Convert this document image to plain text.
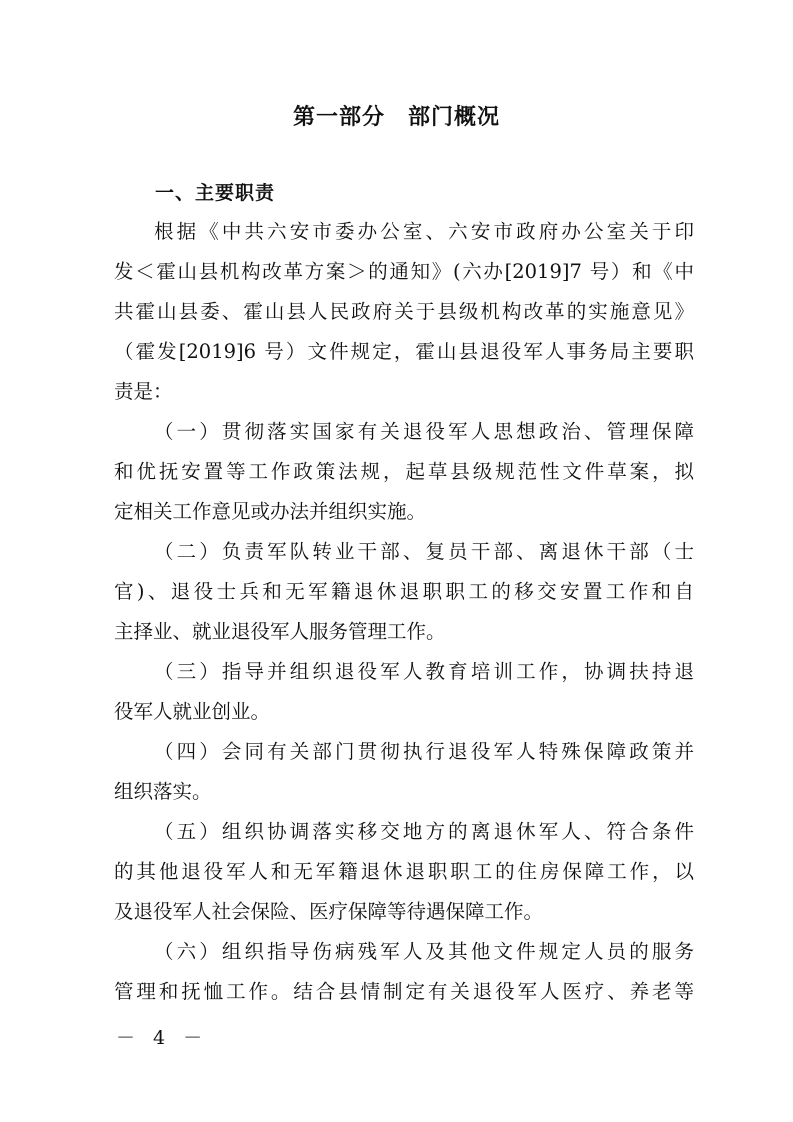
第一部分　部门概况
一、主要职责
根据《中共六安市委办公室、六安市政府办公室关于印
发＜霍山县机构改革方案＞的通知》(六办[2019]7 号）和《中
共霍山县委、霍山县人民政府关于县级机构改革的实施意见》
（霍发[2019]6 号）文件规定，霍山县退役军人事务局主要职
责是：
（一）贯彻落实国家有关退役军人思想政治、管理保障
和优抚安置等工作政策法规，起草县级规范性文件草案，拟
定相关工作意见或办法并组织实施。
（二）负责军队转业干部、复员干部、离退休干部（士
官)、退役士兵和无军籍退休退职职工的移交安置工作和自
主择业、就业退役军人服务管理工作。
（三）指导并组织退役军人教育培训工作，协调扶持退
役军人就业创业。
（四）会同有关部门贯彻执行退役军人特殊保障政策并
组织落实。
（五）组织协调落实移交地方的离退休军人、符合条件
的其他退役军人和无军籍退休退职职工的住房保障工作，以
及退役军人社会保险、医疗保障等待遇保障工作。
（六）组织指导伤病残军人及其他文件规定人员的服务
管理和抚恤工作。结合县情制定有关退役军人医疗、养老等
－ 4 －
